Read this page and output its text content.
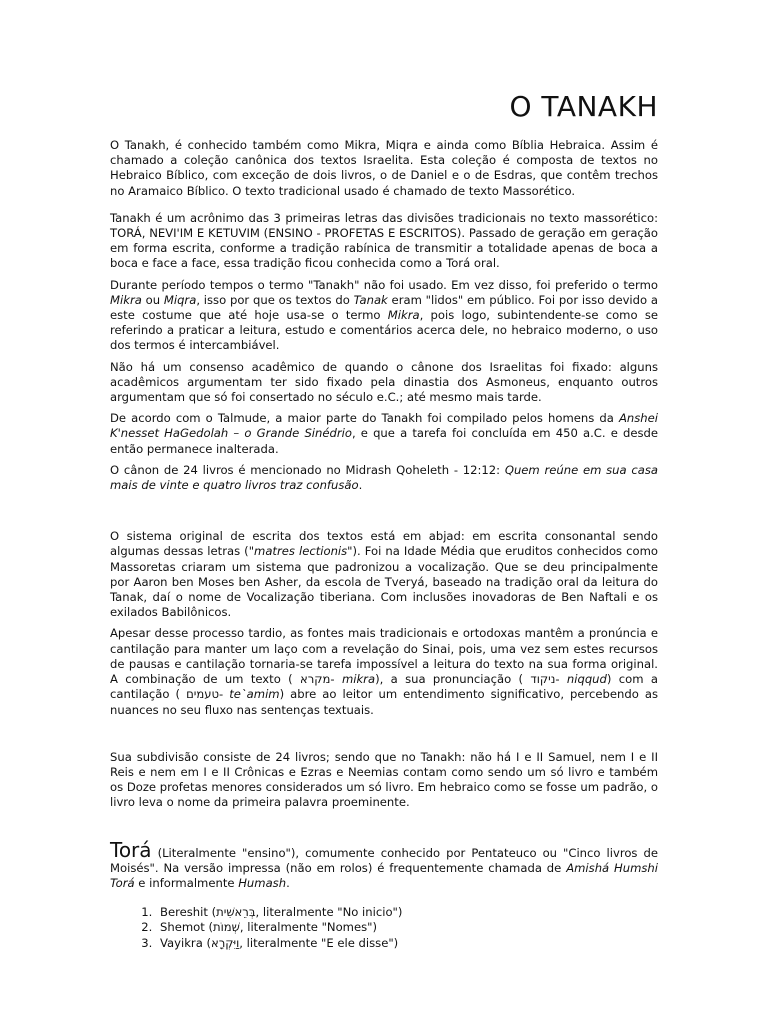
O TANAKH

O Tanakh, é conhecido também como Mikra, Miqra e ainda como Bíblia Hebraica. Assim é chamado a coleção canônica dos textos Israelita. Esta coleção é composta de textos no Hebraico Bíblico, com exceção de dois livros, o de Daniel e o de Esdras, que contêm trechos no Aramaico Bíblico. O texto tradicional usado é chamado de texto Massorético.

Tanakh é um acrônimo das 3 primeiras letras das divisões tradicionais no texto massorético: TORÁ, NEVI'IM E KETUVIM (ENSINO - PROFETAS E ESCRITOS). Passado de geração em geração em forma escrita, conforme a tradição rabínica de transmitir a totalidade apenas de boca a boca e face a face, essa tradição ficou conhecida como a Torá oral.

Durante período tempos o termo "Tanakh" não foi usado. Em vez disso, foi preferido o termo Mikra ou Miqra, isso por que os textos do Tanak eram "lidos" em público. Foi por isso devido a este costume que até hoje usa-se o termo Mikra, pois logo, subintendente-se como se referindo a praticar a leitura, estudo e comentários acerca dele, no hebraico moderno, o uso dos termos é intercambiável.

Não há um consenso acadêmico de quando o cânone dos Israelitas foi fixado: alguns acadêmicos argumentam ter sido fixado pela dinastia dos Asmoneus, enquanto outros argumentam que só foi consertado no século e.C.; até mesmo mais tarde.

De acordo com o Talmude, a maior parte do Tanakh foi compilado pelos homens da Anshei K'nesset HaGedolah – o Grande Sinédrio, e que a tarefa foi concluída em 450 a.C. e desde então permanece inalterada.

O cânon de 24 livros é mencionado no Midrash Qoheleth - 12:12: Quem reúne em sua casa mais de vinte e quatro livros traz confusão.

O sistema original de escrita dos textos está em abjad: em escrita consonantal sendo algumas dessas letras ("matres lectionis"). Foi na Idade Média que eruditos conhecidos como Massoretas criaram um sistema que padronizou a vocalização. Que se deu principalmente por Aaron ben Moses ben Asher, da escola de Tveryá, baseado na tradição oral da leitura do Tanak, daí o nome de Vocalização tiberiana. Com inclusões inovadoras de Ben Naftali e os exilados Babilônicos.

Apesar desse processo tardio, as fontes mais tradicionais e ortodoxas mantêm a pronúncia e cantilação para manter um laço com a revelação do Sinai, pois, uma vez sem estes recursos de pausas e cantilação tornaria-se tarefa impossível a leitura do texto na sua forma original. A combinação de um texto ( מקרא- mikra), a sua pronunciação ( ניקוד- niqqud) com a cantilação ( טעמים- te`amim) abre ao leitor um entendimento significativo, percebendo as nuances no seu fluxo nas sentenças textuais.

Sua subdivisão consiste de 24 livros; sendo que no Tanakh: não há I e II Samuel, nem I e II Reis e nem em I e II Crônicas e Ezras e Neemias contam como sendo um só livro e também os Doze profetas menores considerados um só livro. Em hebraico como se fosse um padrão, o livro leva o nome da primeira palavra proeminente.

Torá (Literalmente "ensino"), comumente conhecido por Pentateuco ou "Cinco livros de Moisés". Na versão impressa (não em rolos) é frequentemente chamada de Amishá Humshi Torá e informalmente Humash.

1. Bereshit (בְּרֵאשִׁית, literalmente "No inicio")
2. Shemot (שְׁמוֹת, literalmente "Nomes")
3. Vayikra (וַיִּקְרָא, literalmente "E ele disse")
